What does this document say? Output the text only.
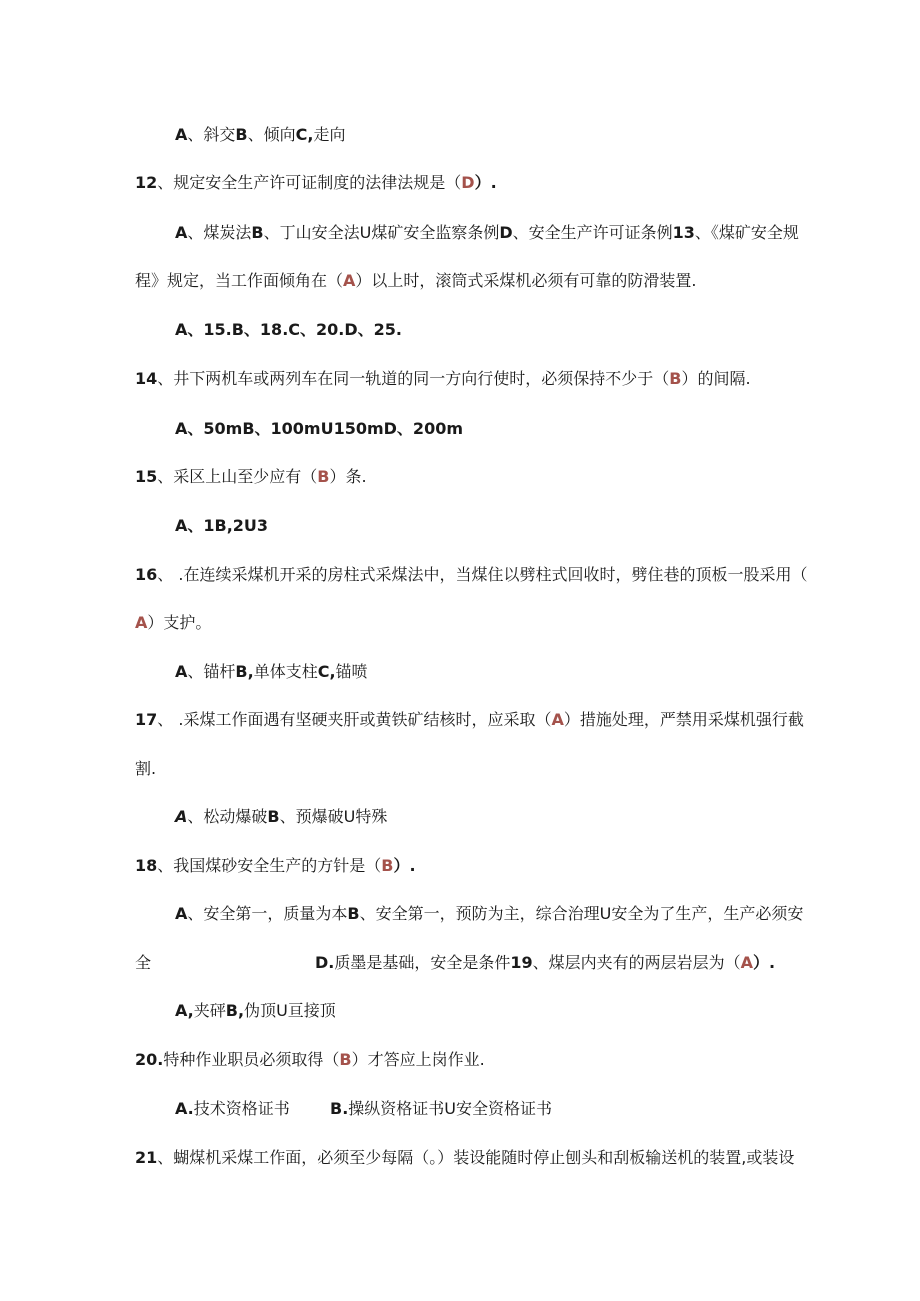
A、斜交B、倾向C,走向
12、规定安全生产许可证制度的法律法规是（D）.
A、煤炭法B、丁山安全法U煤矿安全监察条例D、安全生产许可证条例13、《煤矿安全规
程》规定，当工作面倾角在（A）以上时，滚筒式采煤机必须有可靠的防滑装置.
A、15.B、18.C、20.D、25.
14、井下两机车或两列车在同一轨道的同一方向行使时，必须保持不少于（B）的间隔.
A、50mB、100mU150mD、200m
15、采区上山至少应有（B）条.
A、1B,2U3
16、 .在连续采煤机开采的房柱式采煤法中，当煤住以劈柱式回收时，劈住巷的顶板一股采用（
A）支护。
A、锚杆B,单体支柱C,锚喷
17、 .采煤工作面遇有坚硬夹肝或黄铁矿结核时，应采取（A）措施处理，严禁用采煤机强行截
割.
A、松动爆破B、预爆破U特殊
18、我国煤砂安全生产的方针是（B）.
A、安全第一，质量为本B、安全第一，预防为主，综合治理U安全为了生产，生产必须安
全	D.质墨是基础，安全是条件19、煤层内夹有的两层岩层为（A）.
A,夹砰B,伪顶U亘接顶
20.特种作业职员必须取得（B）才答应上岗作业.
A.技术资格证书	B.操纵资格证书U安全资格证书
21、蝴煤机采煤工作面，必须至少每隔（。）装设能随时停止刨头和刮板输送机的装置,或装设
